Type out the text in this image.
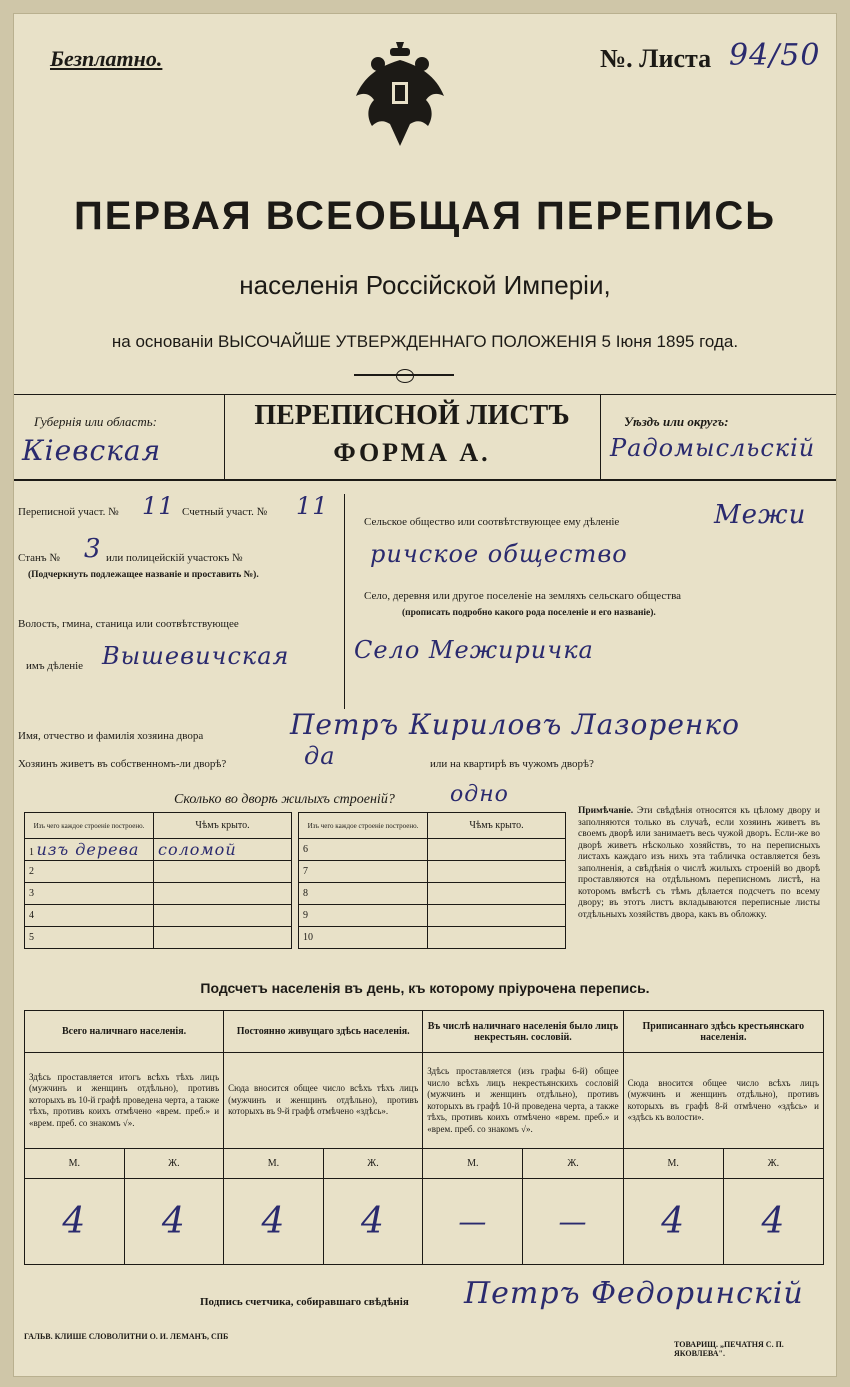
Безплатно.	№. Листа 94/50
ПЕРВАЯ ВСЕОБЩАЯ ПЕРЕПИСЬ
населенія Россійской Имперіи,
на основаніи ВЫСОЧАЙШЕ УТВЕРЖДЕННАГО ПОЛОЖЕНІЯ 5 Іюня 1895 года.
Губернія или область:
Кiевская
ПЕРЕПИСНОЙ ЛИСТЪ
ФОРМА А.
Уѣздъ или округъ:
Радомысльскiй
Переписной участ. № 11 Счетный участ. № 11
Станъ № 3 или полицейскій участокъ №
(Подчеркнуть подлежащее названіе и проставить №).
Волость, гмина, станица или соотвѣтствующее
имъ дѣленіе Вышевичская
Сельское общество или соотвѣтствующее ему дѣленіе	Межи
ричское общество
Село, деревня или другое поселеніе на земляхъ сельскаго общества
(прописать подробно какого рода поселеніе и его названіе).
Село Межиричка
Имя, отчество и фамилія хозяина двора	Петръ Кириловъ Лазоренко
Хозяинъ живетъ въ собственномъ-ли дворѣ?	да	или на квартирѣ въ чужомъ дворѣ?
Сколько во дворѣ жилыхъ строеній?	одно
Изъ чего каждое строеніе построено.	Чѣмъ крыто.
1 изъ дерева	соломой
2	
3	
4	
5	
Изъ чего каждое строеніе построено.	Чѣмъ крыто.
6	
7	
8	
9	
10	
Примѣчаніе. Эти свѣдѣнія относятся къ цѣлому двору и заполняются только въ случаѣ, если хозяинъ живетъ въ своемъ дворѣ или занимаетъ весь чужой дворъ. Если-же во дворѣ живетъ нѣсколько хозяйствъ, то на переписныхъ листахъ каждаго изъ нихъ эта табличка оставляется безъ заполненія, а свѣдѣнія о числѣ жилыхъ строеній во дворѣ проставляются на отдѣльномъ переписномъ листѣ, на которомъ вмѣстѣ съ тѣмъ дѣлается подсчетъ по всему двору; въ этотъ листъ вкладываются переписные листы отдѣльныхъ хозяйствъ двора, какъ въ обложку.
Подсчетъ населенія въ день, къ которому пріурочена перепись.
Всего наличнаго населенія.		Постоянно живущаго здѣсь населенія.		Въ числѣ наличнаго населенія было лицъ некрестьян. сословій.		Приписаннаго здѣсь крестьянскаго населенія.	
Здѣсь проставляется итогъ всѣхъ тѣхъ лицъ (мужчинъ и женщинъ отдѣльно), противъ которыхъ въ 10-й графѣ проведена черта, а также тѣхъ, противъ коихъ отмѣчено «врем. преб.» и «врем. преб. со знакомъ √».		Сюда вносится общее число всѣхъ тѣхъ лицъ (мужчинъ и женщинъ отдѣльно), противъ которыхъ въ 9-й графѣ отмѣчено «здѣсь».		Здѣсь проставляется (изъ графы 6-й) общее число всѣхъ лицъ некрестьянскихъ сословій (мужчинъ и женщинъ отдѣльно), противъ которыхъ въ графѣ 10-й проведена черта, а также тѣхъ, противъ коихъ отмѣчено «врем. преб.» и «врем. преб. со знакомъ √».		Сюда вносится общее число всѣхъ лицъ (мужчинъ и женщинъ отдѣльно), противъ которыхъ въ графѣ 8-й отмѣчено «здѣсь» и «здѣсь къ волости».	
М.	Ж.	М.	Ж.	М.	Ж.	М.	Ж.
4	4	4	4	—	—	4	4
Подпись счетчика, собиравшаго свѣдѣнія Петръ Федоринскiй
ГАЛЬВ. КЛИШЕ СЛОВОЛИТНИ О. И. ЛЕМАНЪ, СПБ
ТОВАРИЩ. „ПЕЧАТНЯ С. П. ЯКОВЛЕВА".
